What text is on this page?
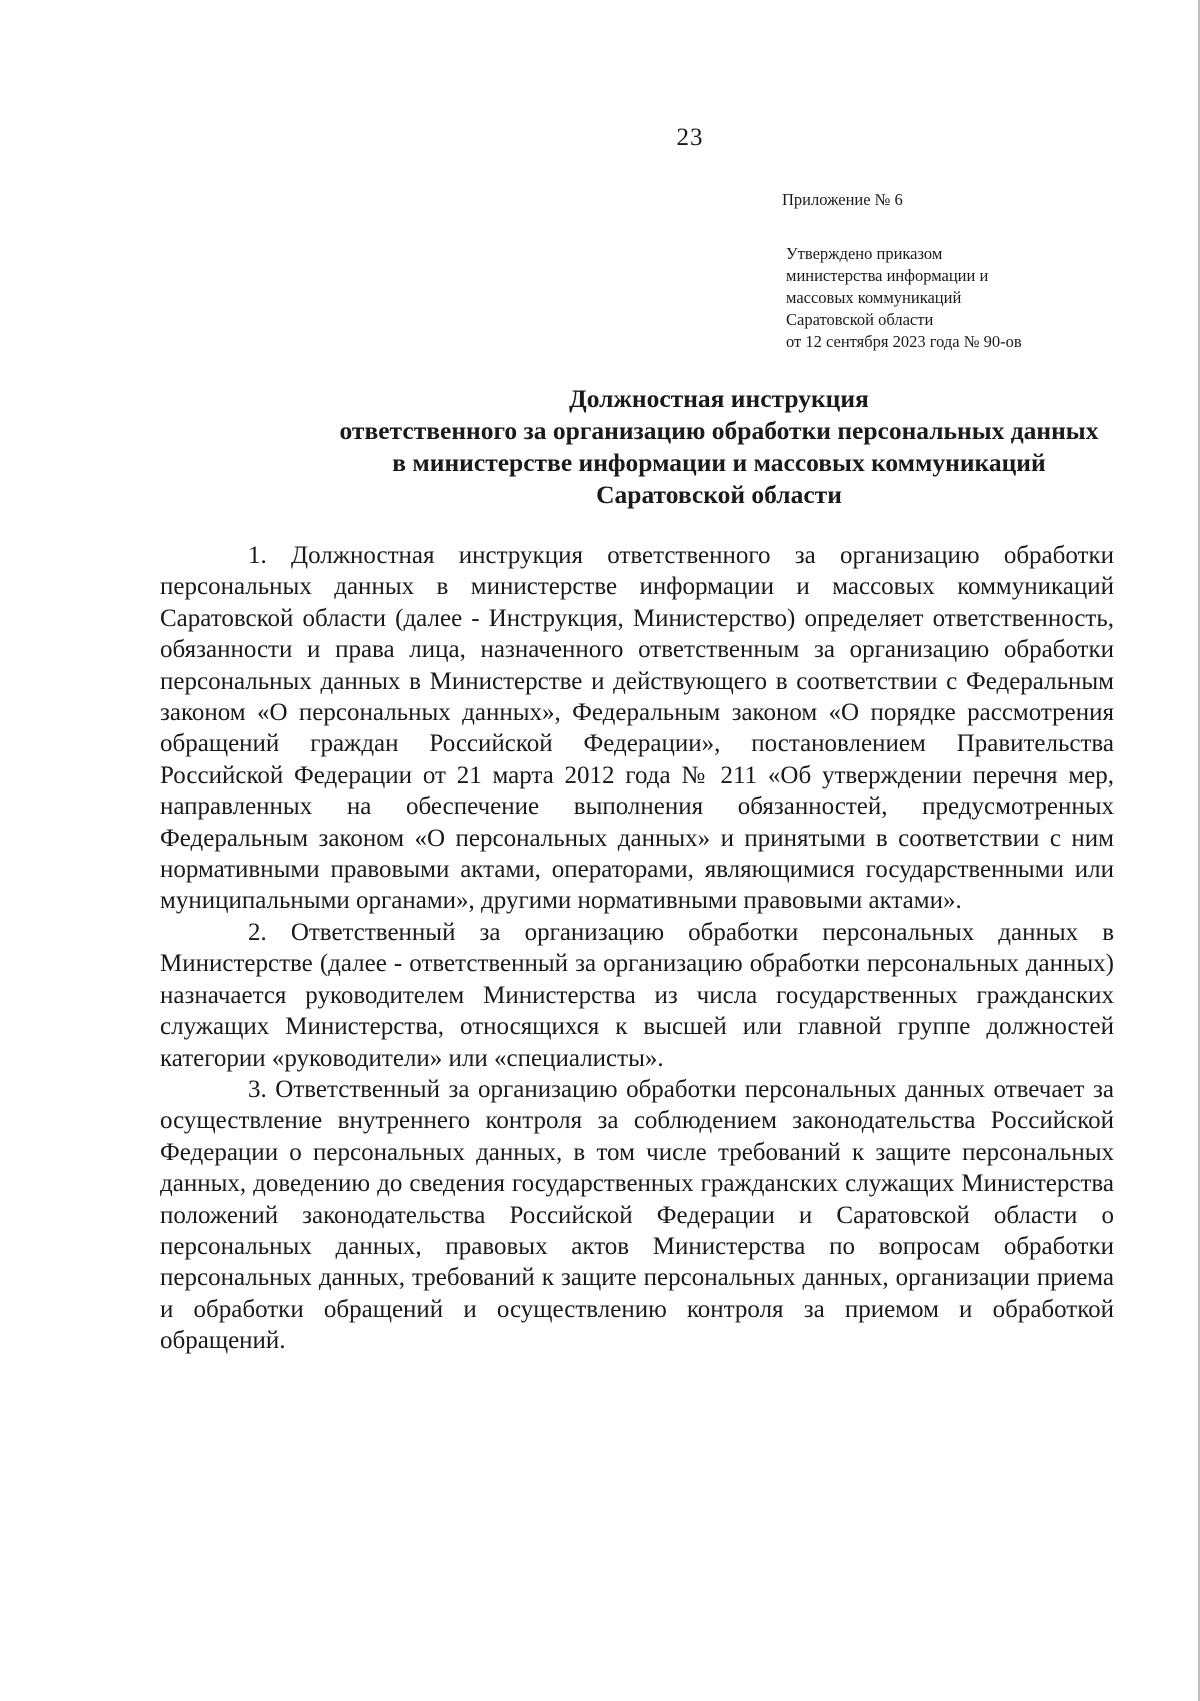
23
Приложение № 6
Утверждено приказом
министерства информации и
массовых коммуникаций
Саратовской области
от 12 сентября 2023 года № 90-ов
Должностная инструкция
ответственного за организацию обработки персональных данных
в министерстве информации и массовых коммуникаций
Саратовской области

1. Должностная инструкция ответственного за организацию обработки персональных данных в министерстве информации и массовых коммуникаций Саратовской области (далее - Инструкция, Министерство) определяет ответственность, обязанности и права лица, назначенного ответственным за организацию обработки персональных данных в Министерстве и действующего в соответствии с Федеральным законом «О персональных данных», Федеральным законом «О порядке рассмотрения обращений граждан Российской Федерации», постановлением Правительства Российской Федерации от 21 марта 2012 года № 211 «Об утверждении перечня мер, направленных на обеспечение выполнения обязанностей, предусмотренных Федеральным законом «О персональных данных» и принятыми в соответствии с ним нормативными правовыми актами, операторами, являющимися государственными или муниципальными органами», другими нормативными правовыми актами».

2. Ответственный за организацию обработки персональных данных в Министерстве (далее - ответственный за организацию обработки персональных данных) назначается руководителем Министерства из числа государственных гражданских служащих Министерства, относящихся к высшей или главной группе должностей категории «руководители» или «специалисты».

3. Ответственный за организацию обработки персональных данных отвечает за осуществление внутреннего контроля за соблюдением законодательства Российской Федерации о персональных данных, в том числе требований к защите персональных данных, доведению до сведения государственных гражданских служащих Министерства положений законодательства Российской Федерации и Саратовской области о персональных данных, правовых актов Министерства по вопросам обработки персональных данных, требований к защите персональных данных, организации приема и обработки обращений и осуществлению контроля за приемом и обработкой обращений.
